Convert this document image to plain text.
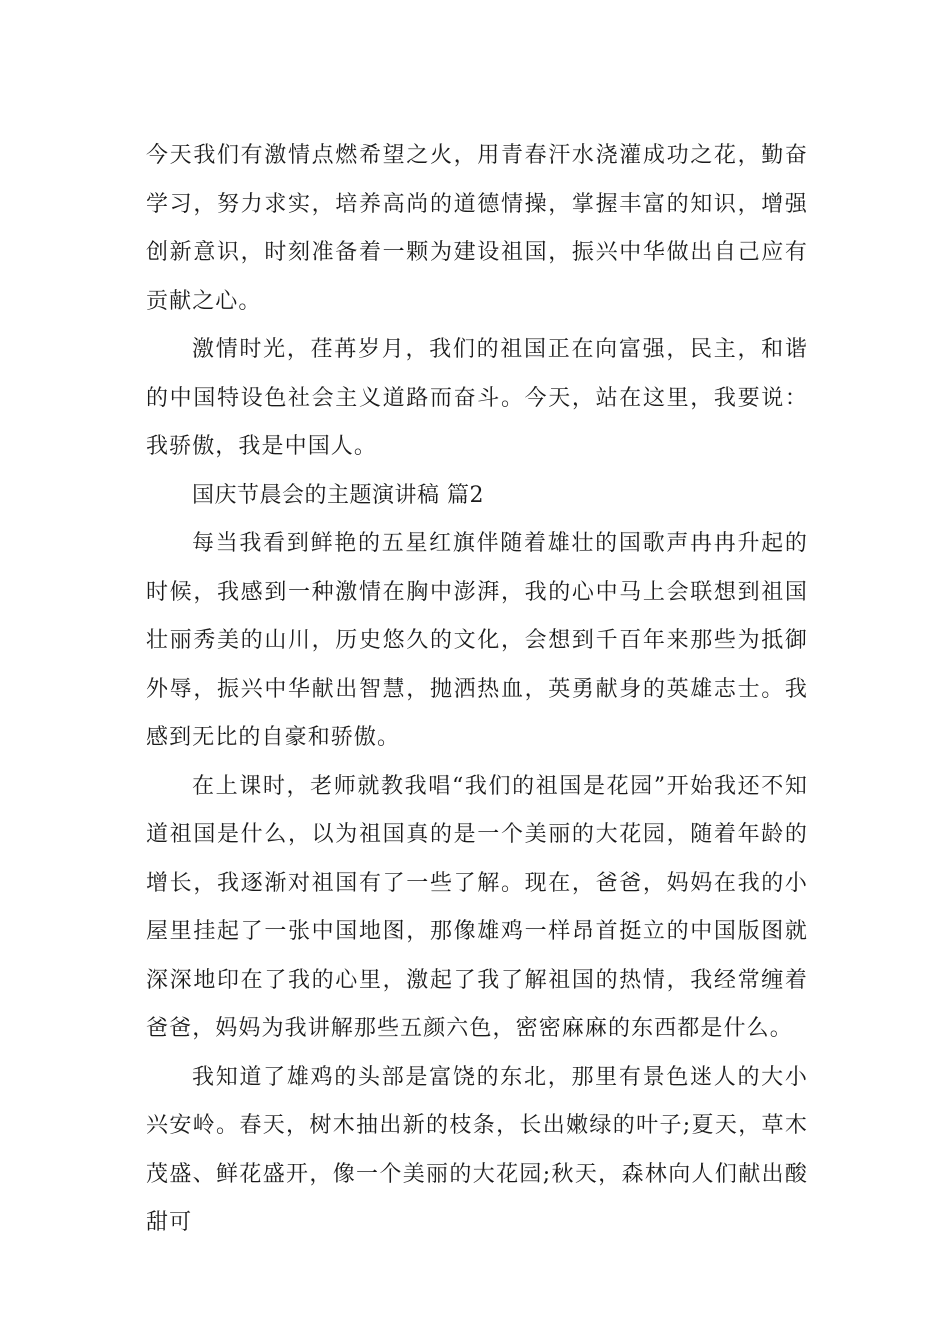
今天我们有激情点燃希望之火，用青春汗水浇灌成功之花，勤奋学习，努力求实，培养高尚的道德情操，掌握丰富的知识，增强创新意识，时刻准备着一颗为建设祖国，振兴中华做出自己应有贡献之心。

激情时光，荏苒岁月，我们的祖国正在向富强，民主，和谐的中国特设色社会主义道路而奋斗。今天，站在这里，我要说：我骄傲，我是中国人。

国庆节晨会的主题演讲稿 篇2

每当我看到鲜艳的五星红旗伴随着雄壮的国歌声冉冉升起的时候，我感到一种激情在胸中澎湃，我的心中马上会联想到祖国壮丽秀美的山川，历史悠久的文化，会想到千百年来那些为抵御外辱，振兴中华献出智慧，抛洒热血，英勇献身的英雄志士。我感到无比的自豪和骄傲。

在上课时，老师就教我唱“我们的祖国是花园”开始我还不知道祖国是什么，以为祖国真的是一个美丽的大花园，随着年龄的增长，我逐渐对祖国有了一些了解。现在，爸爸，妈妈在我的小屋里挂起了一张中国地图，那像雄鸡一样昂首挺立的中国版图就深深地印在了我的心里，激起了我了解祖国的热情，我经常缠着爸爸，妈妈为我讲解那些五颜六色，密密麻麻的东西都是什么。

我知道了雄鸡的头部是富饶的东北，那里有景色迷人的大小兴安岭。春天，树木抽出新的枝条，长出嫩绿的叶子;夏天，草木茂盛、鲜花盛开，像一个美丽的大花园;秋天，森林向人们献出酸甜可
